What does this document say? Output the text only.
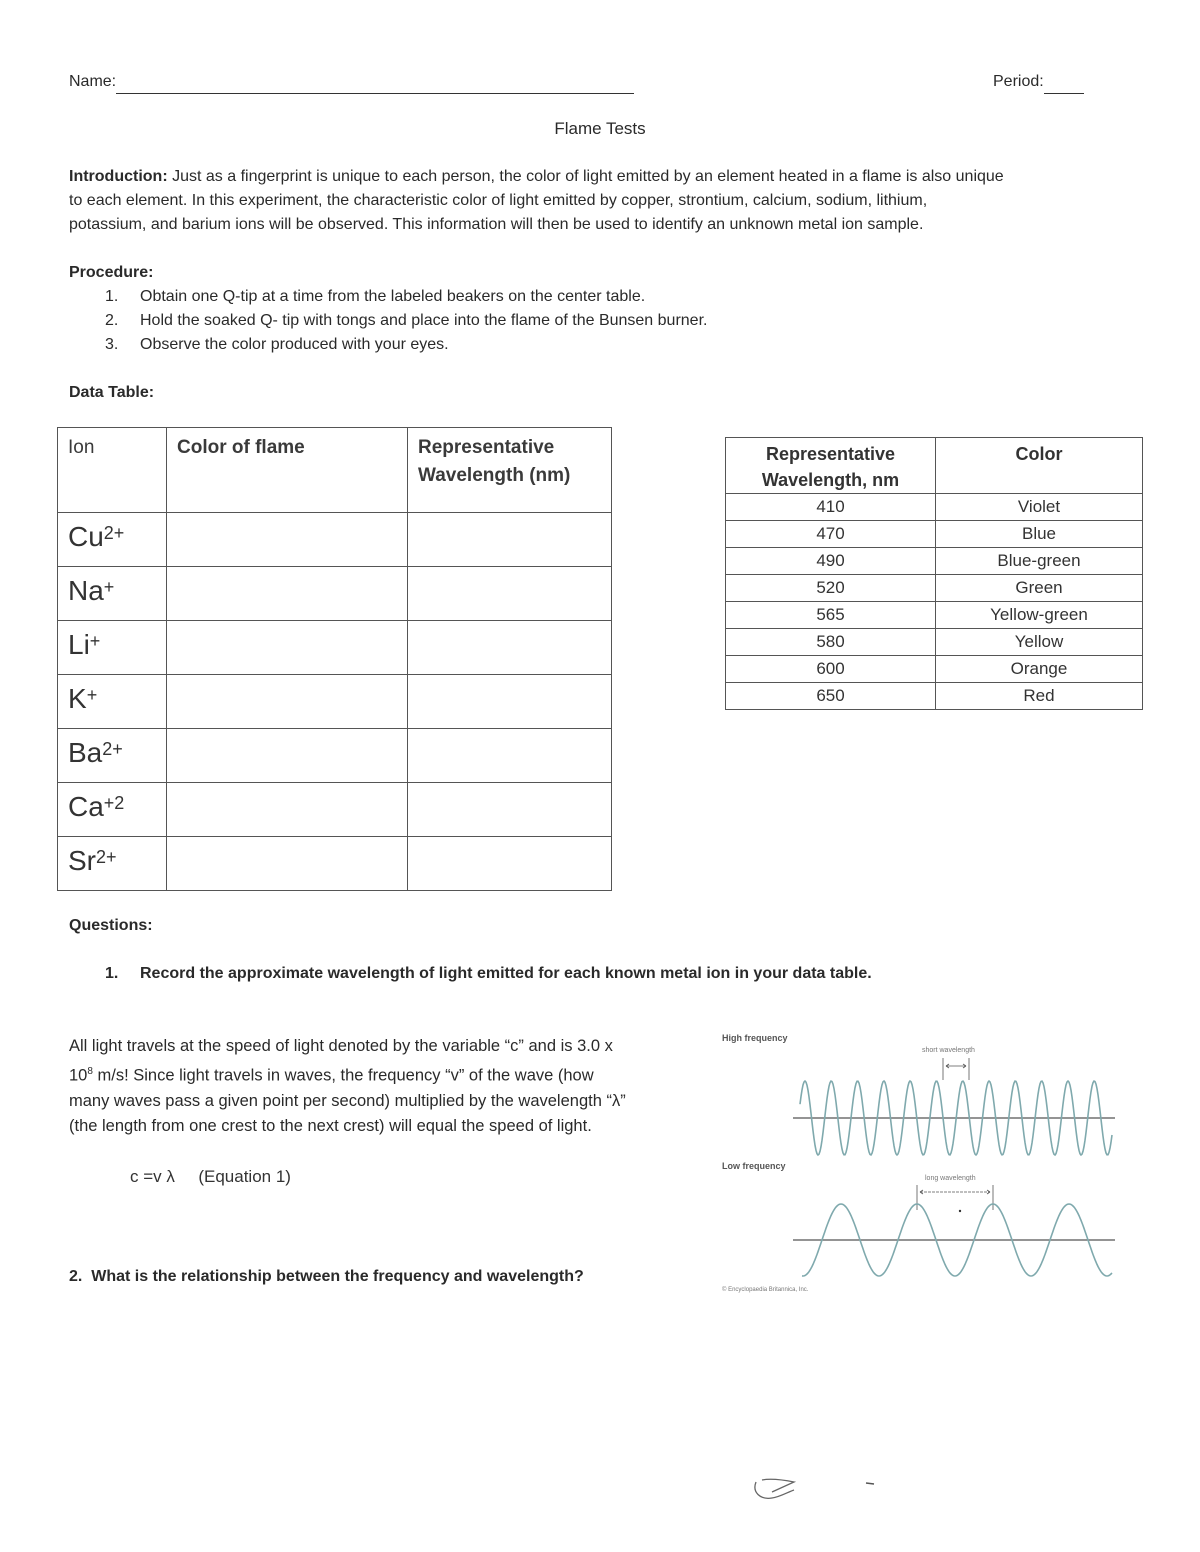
Name:	Period:
Flame Tests
Introduction: Just as a fingerprint is unique to each person, the color of light emitted by an element heated in a flame is also unique
to each element. In this experiment, the characteristic color of light emitted by copper, strontium, calcium, sodium, lithium,
potassium, and barium ions will be observed. This information will then be used to identify an unknown metal ion sample.
Procedure:
1. Obtain one Q-tip at a time from the labeled beakers on the center table.
2. Hold the soaked Q- tip with tongs and place into the flame of the Bunsen burner.
3. Observe the color produced with your eyes.
Data Table:
Ion	Color of flame	Representative Wavelength (nm)
$Cu^{2+}$		
Na+		
Li+		
K+		
$Ba^{2+}$		
$Ca^{+2}$		
$Sr^{2+}$		
Representative Wavelength, nm	Color
410	Violet
470	Blue
490	Blue-green
520	Green
565	Yellow-green
580	Yellow
600	Orange
650	Red
Questions:
1. Record the approximate wavelength of light emitted for each known metal ion in your data table.
All light travels at the speed of light denoted by the variable “c” and is 3.0 x
$10^8$ m/s! Since light travels in waves, the frequency “v” of the wave (how
many waves pass a given point per second) multiplied by the wavelength “λ”
(the length from one crest to the next crest) will equal the speed of light.
c =v λ (Equation 1)
2. What is the relationship between the frequency and wavelength?
High frequency
short wavelength
Low frequency
long wavelength
© Encyclopaedia Britannica, Inc.
